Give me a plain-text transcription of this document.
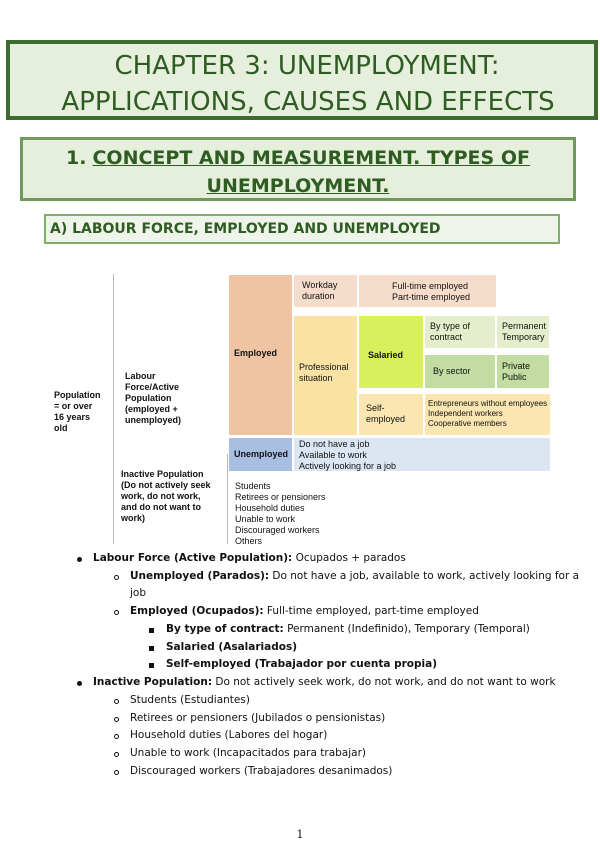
CHAPTER 3: UNEMPLOYMENT:
APPLICATIONS, CAUSES AND EFFECTS
1. CONCEPT AND MEASUREMENT. TYPES OF
UNEMPLOYMENT.
A) LABOUR FORCE, EMPLOYED AND UNEMPLOYED
Population
= or over
16 years
old
Labour
Force/Active
Population
(employed +
unemployed)
Inactive Population
(Do not actively seek
work, do not work,
and do not want to
work)
Employed
Workday
duration
Full-time employed
Part-time employed
Professional
situation
Salaried
By type of
contract
Permanent
Temporary
By sector	Private
Public
Self-
employed
Entrepreneurs without employees
Independent workers
Cooperative members
Unemployed
Do not have a job
Available to work
Actively looking for a job
Students
Retirees or pensioners
Household duties
Unable to work
Discouraged workers
Others
Labour Force (Active Population): Ocupados + parados
Unemployed (Parados): Do not have a job, available to work, actively looking for a
job
Employed (Ocupados): Full-time employed, part-time employed
By type of contract: Permanent (Indefinido), Temporary (Temporal)
Salaried (Asalariados)
Self-employed (Trabajador por cuenta propia)
Inactive Population: Do not actively seek work, do not work, and do not want to work
Students (Estudiantes)
Retirees or pensioners (Jubilados o pensionistas)
Household duties (Labores del hogar)
Unable to work (Incapacitados para trabajar)
Discouraged workers (Trabajadores desanimados)
1
